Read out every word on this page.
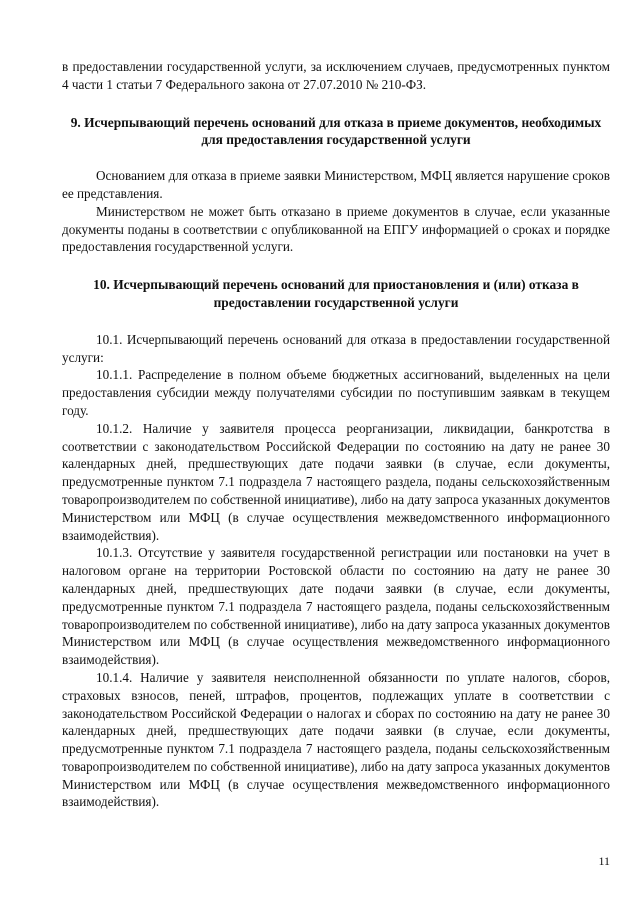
в предоставлении государственной услуги, за исключением случаев, предусмотренных пунктом 4 части 1 статьи 7 Федерального закона от 27.07.2010 № 210-ФЗ.

9. Исчерпывающий перечень оснований для отказа в приеме документов, необходимых для предоставления государственной услуги

Основанием для отказа в приеме заявки Министерством, МФЦ является нарушение сроков ее представления.

Министерством не может быть отказано в приеме документов в случае, если указанные документы поданы в соответствии с опубликованной на ЕПГУ информацией о сроках и порядке предоставления государственной услуги.

10. Исчерпывающий перечень оснований для приостановления и (или) отказа в предоставлении государственной услуги

10.1. Исчерпывающий перечень оснований для отказа в предоставлении государственной услуги:

10.1.1. Распределение в полном объеме бюджетных ассигнований, выделенных на цели предоставления субсидии между получателями субсидии по поступившим заявкам в текущем году.

10.1.2. Наличие у заявителя процесса реорганизации, ликвидации, банкротства в соответствии с законодательством Российской Федерации по состоянию на дату не ранее 30 календарных дней, предшествующих дате подачи заявки (в случае, если документы, предусмотренные пунктом 7.1 подраздела 7 настоящего раздела, поданы сельскохозяйственным товаропроизводителем по собственной инициативе), либо на дату запроса указанных документов Министерством или МФЦ (в случае осуществления межведомственного информационного взаимодействия).

10.1.3. Отсутствие у заявителя государственной регистрации или постановки на учет в налоговом органе на территории Ростовской области по состоянию на дату не ранее 30 календарных дней, предшествующих дате подачи заявки (в случае, если документы, предусмотренные пунктом 7.1 подраздела 7 настоящего раздела, поданы сельскохозяйственным товаропроизводителем по собственной инициативе), либо на дату запроса указанных документов Министерством или МФЦ (в случае осуществления межведомственного информационного взаимодействия).

10.1.4. Наличие у заявителя неисполненной обязанности по уплате налогов, сборов, страховых взносов, пеней, штрафов, процентов, подлежащих уплате в соответствии с законодательством Российской Федерации о налогах и сборах по состоянию на дату не ранее 30 календарных дней, предшествующих дате подачи заявки (в случае, если документы, предусмотренные пунктом 7.1 подраздела 7 настоящего раздела, поданы сельскохозяйственным товаропроизводителем по собственной инициативе), либо на дату запроса указанных документов Министерством или МФЦ (в случае осуществления межведомственного информационного взаимодействия).

11
